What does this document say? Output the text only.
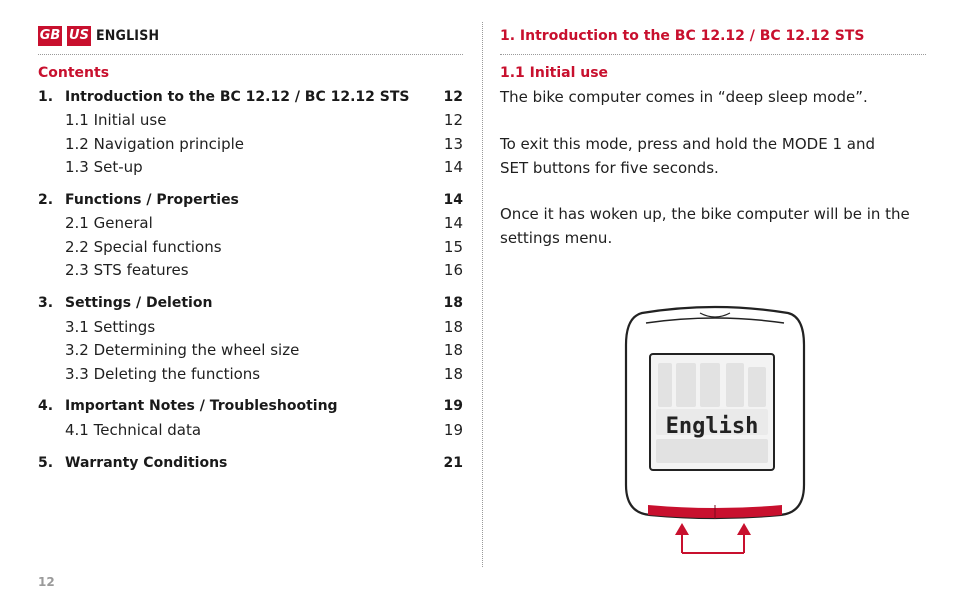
GB US ENGLISH	1. Introduction to the BC 12.12 / BC 12.12 STS
Contents
1. Introduction to the BC 12.12 / BC 12.12 STS 12
1.1 Initial use	12
1.2 Navigation principle	13
1.3 Set-up	14
2. Functions / Properties	14
2.1 General	14
2.2 Special functions	15
2.3 STS features	16
3. Settings / Deletion	18
3.1 Settings	18
3.2 Determining the wheel size	18
3.3 Deleting the functions	18
4. Important Notes / Troubleshooting	19
4.1 Technical data	19
5. Warranty Conditions	21
1.1 Initial use
The bike computer comes in “deep sleep mode”.
To exit this mode, press and hold the MODE 1 and
SET buttons for five seconds.
Once it has woken up, the bike computer will be in the
settings menu.
English
12
